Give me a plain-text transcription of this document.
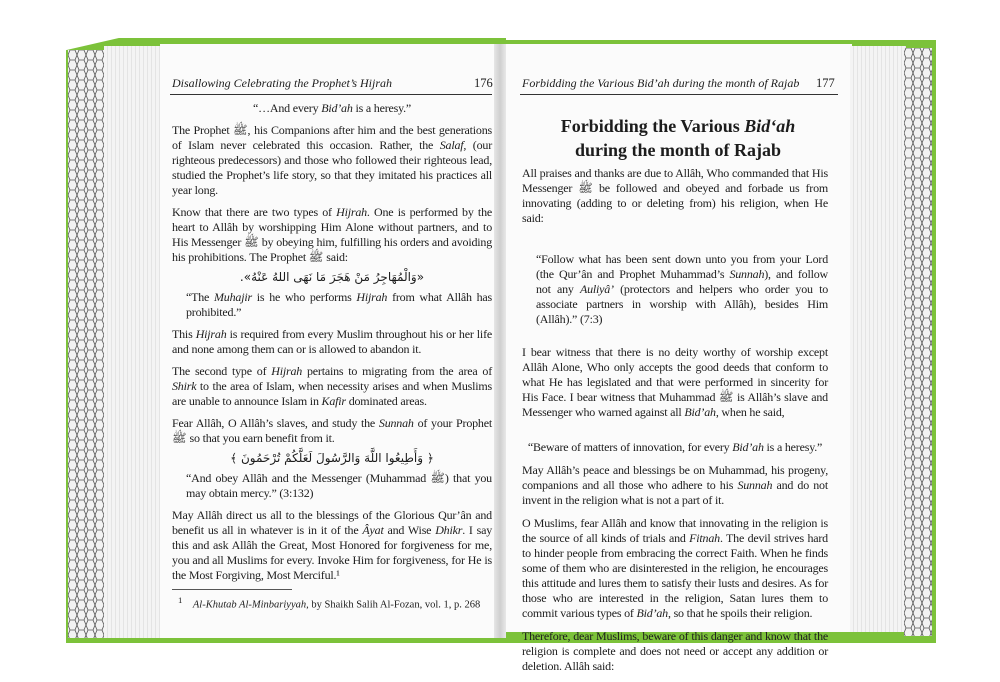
Disallowing Celebrating the Prophet’s Hijrah	176
“…And every Bid’ah is a heresy.”
The Prophet ﷺ, his Companions after him and the best generations of Islam never celebrated this occasion. Rather, the Salaf, (our righteous predecessors) and those who followed their righteous lead, studied the Prophet’s life story, so that they imitated his practices all year long.
Know that there are two types of Hijrah. One is performed by the heart to Allâh by worshipping Him Alone without partners, and to His Messenger ﷺ by obeying him, fulfilling his orders and avoiding his prohibitions. The Prophet ﷺ said:
«وَالْمُهَاجِرُ مَنْ هَجَرَ مَا نَهَى اللهُ عَنْهُ».
“The Muhajir is he who performs Hijrah from what Allâh has prohibited.”
This Hijrah is required from every Muslim throughout his or her life and none among them can or is allowed to abandon it.
The second type of Hijrah pertains to migrating from the area of Shirk to the area of Islam, when necessity arises and when Muslims are unable to announce Islam in Kafir dominated areas.
Fear Allâh, O Allâh’s slaves, and study the Sunnah of your Prophet ﷺ so that you earn benefit from it.
﴿ وَأَطِيعُوا اللَّهَ وَالرَّسُولَ لَعَلَّكُمْ تُرْحَمُونَ ﴾
“And obey Allâh and the Messenger (Muhammad ﷺ) that you may obtain mercy.” (3:132)
May Allâh direct us all to the blessings of the Glorious Qur’ân and benefit us all in whatever is in it of the Âyat and Wise Dhikr. I say this and ask Allâh the Great, Most Honored for forgiveness for me, you and all Muslims for every. Invoke Him for forgiveness, for He is the Most Forgiving, Most Merciful.¹
$^1$ Al-Khutab Al-Minbariyyah, by Shaikh Salih Al-Fozan, vol. 1, p. 268
Forbidding the Various Bid’ah during the month of Rajab 177
Forbidding the Various Bid‘ah
during the month of Rajab
All praises and thanks are due to Allâh, Who commanded that His Messenger ﷺ be followed and obeyed and forbade us from innovating (adding to or deleting from) his religion, when He said:
“Follow what has been sent down unto you from your Lord (the Qur’ân and Prophet Muhammad’s Sunnah), and follow not any Auliyâ’ (protectors and helpers who order you to associate partners in worship with Allâh), besides Him (Allâh).” (7:3)
I bear witness that there is no deity worthy of worship except Allâh Alone, Who only accepts the good deeds that conform to what He has legislated and that were performed in sincerity for His Face. I bear witness that Muhammad ﷺ is Allâh’s slave and Messenger who warned against all Bid’ah, when he said,
“Beware of matters of innovation, for every Bid’ah is a heresy.”
May Allâh’s peace and blessings be on Muhammad, his progeny, companions and all those who adhere to his Sunnah and do not invent in the religion what is not a part of it.
O Muslims, fear Allâh and know that innovating in the religion is the source of all kinds of trials and Fitnah. The devil strives hard to hinder people from embracing the correct Faith. When he finds some of them who are disinterested in the religion, he encourages this attitude and lures them to satisfy their lusts and desires. As for those who are interested in the religion, Satan lures them to commit various types of Bid’ah, so that he spoils their religion.
Therefore, dear Muslims, beware of this danger and know that the religion is complete and does not need or accept any addition or deletion. Allâh said:
